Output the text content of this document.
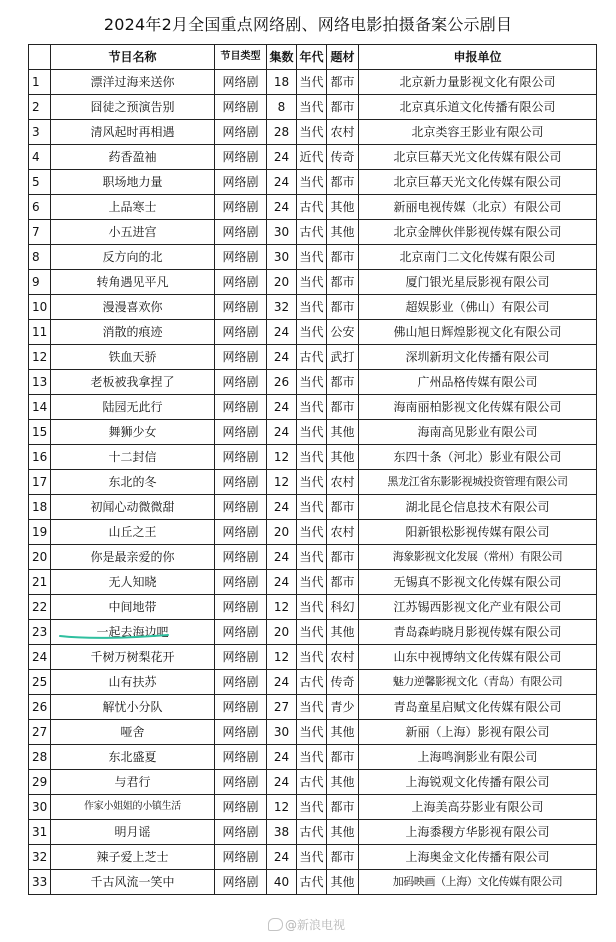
2024年2月全国重点网络剧、网络电影拍摄备案公示剧目
	节目名称	节目类型	集数	年代	题材	申报单位
1	漂洋过海来送你	网络剧	18	当代	都市	北京新力量影视文化有限公司
2	囧徒之预演告别	网络剧	8	当代	都市	北京真乐道文化传播有限公司
3	清风起时再相遇	网络剧	28	当代	农村	北京类容王影业有限公司
4	药香盈袖	网络剧	24	近代	传奇	北京巨幕天光文化传媒有限公司
5	职场地力量	网络剧	24	当代	都市	北京巨幕天光文化传媒有限公司
6	上品寒士	网络剧	24	古代	其他	新丽电视传媒（北京）有限公司
7	小五进宫	网络剧	30	古代	其他	北京金牌伙伴影视传媒有限公司
8	反方向的北	网络剧	30	当代	都市	北京南门二文化传媒有限公司
9	转角遇见平凡	网络剧	20	当代	都市	厦门银光星辰影视有限公司
10	漫漫喜欢你	网络剧	32	当代	都市	超娱影业（佛山）有限公司
11	消散的痕迹	网络剧	24	当代	公安	佛山旭日辉煌影视文化有限公司
12	铁血天骄	网络剧	24	古代	武打	深圳新玥文化传播有限公司
13	老板被我拿捏了	网络剧	26	当代	都市	广州品格传媒有限公司
14	陆园无此行	网络剧	24	当代	都市	海南丽柏影视文化传媒有限公司
15	舞狮少女	网络剧	24	当代	其他	海南高见影业有限公司
16	十二封信	网络剧	12	当代	其他	东四十条（河北）影业有限公司
17	东北的冬	网络剧	12	当代	农村	黑龙江省东影影视城投资管理有限公司
18	初闻心动微微甜	网络剧	24	当代	都市	湖北昆仑信息技术有限公司
19	山丘之王	网络剧	20	当代	农村	阳新银松影视传媒有限公司
20	你是最亲爱的你	网络剧	24	当代	都市	海象影视文化发展（常州）有限公司
21	无人知晓	网络剧	24	当代	都市	无锡真不影视文化传媒有限公司
22	中间地带	网络剧	12	当代	科幻	江苏锡西影视文化产业有限公司
23	一起去海边吧	网络剧	20	当代	其他	青岛森屿晓月影视传媒有限公司
24	千树万树梨花开	网络剧	12	当代	农村	山东中视博纳文化传媒有限公司
25	山有扶苏	网络剧	24	古代	传奇	魅力逆馨影视文化（青岛）有限公司
26	解忧小分队	网络剧	27	当代	青少	青岛童星启赋文化传媒有限公司
27	哑舍	网络剧	30	当代	其他	新丽（上海）影视有限公司
28	东北盛夏	网络剧	24	当代	都市	上海鸣涧影业有限公司
29	与君行	网络剧	24	古代	其他	上海锐观文化传播有限公司
30	作家小姐姐的小镇生活	网络剧	12	当代	都市	上海美高芬影业有限公司
31	明月谣	网络剧	38	古代	其他	上海黍稷方华影视有限公司
32	辣子爱上芝士	网络剧	24	当代	都市	上海奥金文化传播有限公司
33	千古风流一笑中	网络剧	40	古代	其他	加码映画（上海）文化传媒有限公司
@新浪电视
